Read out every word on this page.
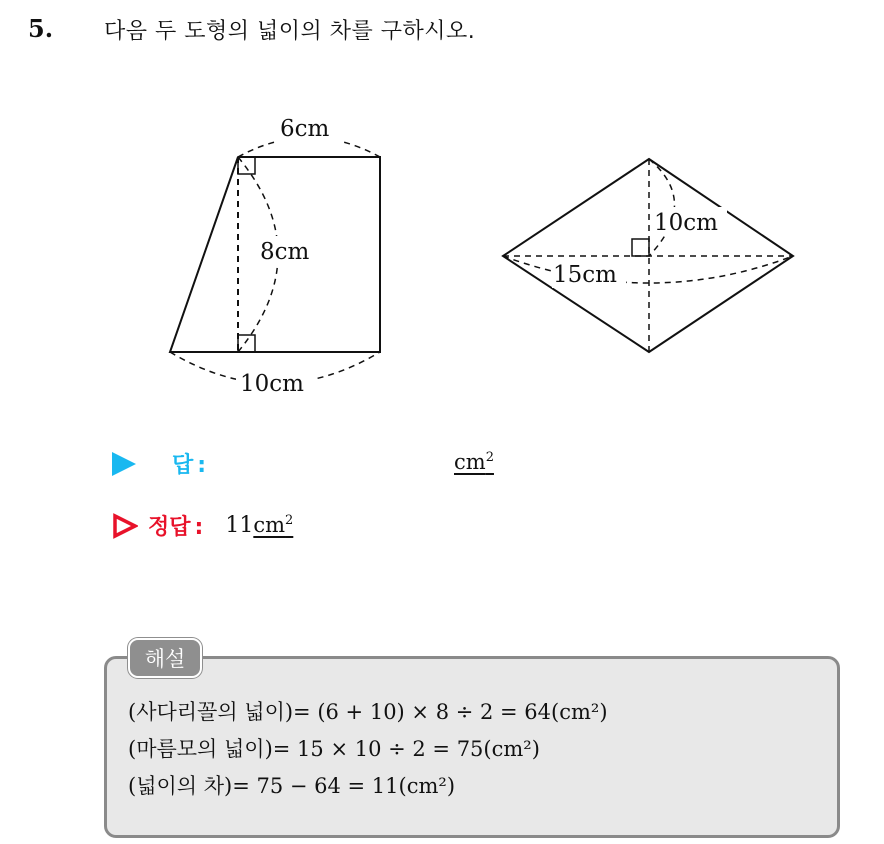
5. 다음 두 도형의 넓이의 차를 구하시오.
6cm
8cm
10cm
10cm
15cm
답 :	$cm^2$
정답 : $11cm^2$
해설
(사다리꼴의 넓이)= (6 + 10) × 8 ÷ 2 = 64(cm²)
(마름모의 넓이)= 15 × 10 ÷ 2 = 75(cm²)
(넓이의 차)= 75 − 64 = 11(cm²)
